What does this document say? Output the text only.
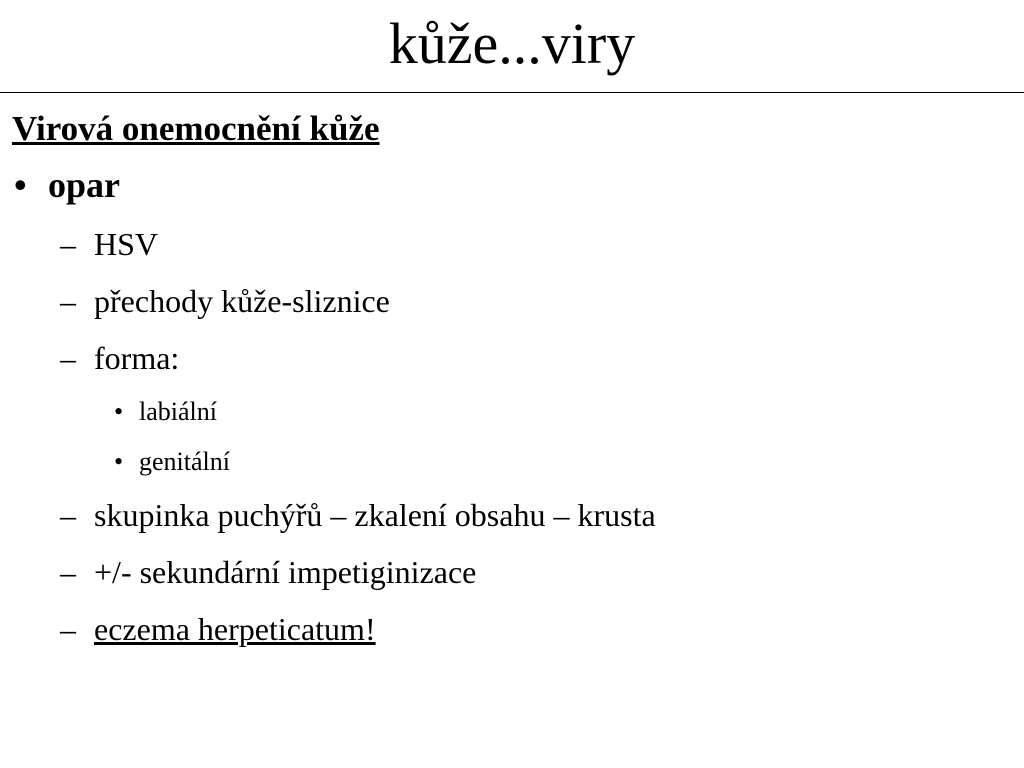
kůže...viry
Virová onemocnění kůže
• opar
– HSV
– přechody kůže-sliznice
– forma:
• labiální
• genitální
– skupinka puchýřů – zkalení obsahu – krusta
– +/- sekundární impetiginizace
– eczema herpeticatum!
